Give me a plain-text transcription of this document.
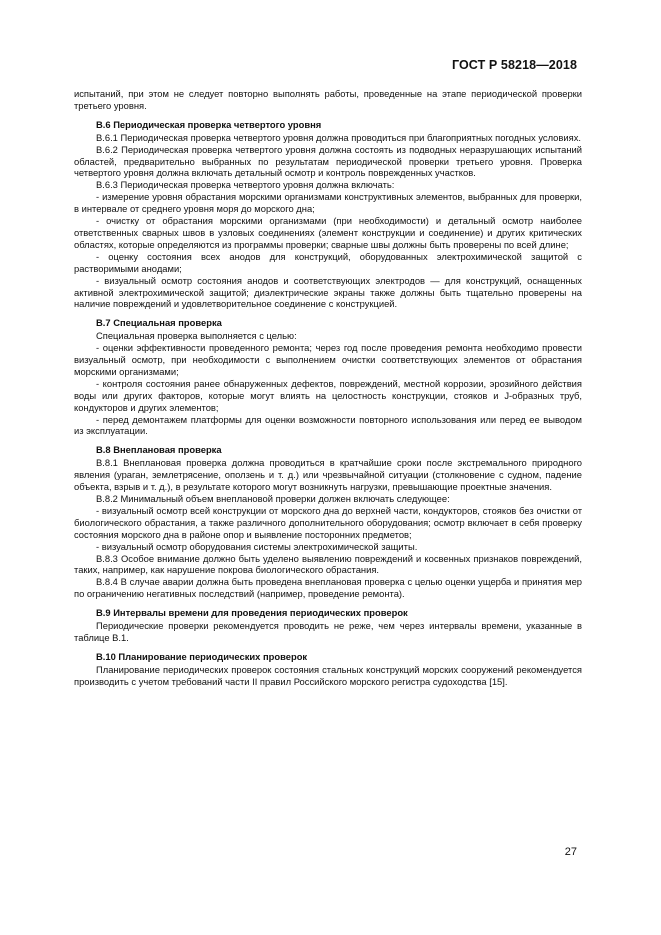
ГОСТ Р 58218—2018

испытаний, при этом не следует повторно выполнять работы, проведенные на этапе периодической проверки третьего уровня.

В.6 Периодическая проверка четвертого уровня

В.6.1 Периодическая проверка четвертого уровня должна проводиться при благоприятных погодных условиях.

В.6.2 Периодическая проверка четвертого уровня должна состоять из подводных неразрушающих испытаний областей, предварительно выбранных по результатам периодической проверки третьего уровня. Проверка четвертого уровня должна включать детальный осмотр и контроль поврежденных участков.

В.6.3 Периодическая проверка четвертого уровня должна включать:

- измерение уровня обрастания морскими организмами конструктивных элементов, выбранных для проверки, в интервале от среднего уровня моря до морского дна;

- очистку от обрастания морскими организмами (при необходимости) и детальный осмотр наиболее ответственных сварных швов в узловых соединениях (элемент конструкции и соединение) и других критических областях, которые определяются из программы проверки; сварные швы должны быть проверены по всей длине;

- оценку состояния всех анодов для конструкций, оборудованных электрохимической защитой с растворимыми анодами;

- визуальный осмотр состояния анодов и соответствующих электродов — для конструкций, оснащенных активной электрохимической защитой; диэлектрические экраны также должны быть тщательно проверены на наличие повреждений и удовлетворительное соединение с конструкцией.

В.7 Специальная проверка

Специальная проверка выполняется с целью:

- оценки эффективности проведенного ремонта; через год после проведения ремонта необходимо провести визуальный осмотр, при необходимости с выполнением очистки соответствующих элементов от обрастания морскими организмами;

- контроля состояния ранее обнаруженных дефектов, повреждений, местной коррозии, эрозийного действия воды или других факторов, которые могут влиять на целостность конструкции, стояков и J-образных труб, кондукторов и других элементов;

- перед демонтажем платформы для оценки возможности повторного использования или перед ее выводом из эксплуатации.

В.8 Внеплановая проверка

В.8.1 Внеплановая проверка должна проводиться в кратчайшие сроки после экстремального природного явления (ураган, землетрясение, оползень и т. д.) или чрезвычайной ситуации (столкновение с судном, падение объекта, взрыв и т. д.), в результате которого могут возникнуть нагрузки, превышающие проектные значения.

В.8.2 Минимальный объем внеплановой проверки должен включать следующее:

- визуальный осмотр всей конструкции от морского дна до верхней части, кондукторов, стояков без очистки от биологического обрастания, а также различного дополнительного оборудования; осмотр включает в себя проверку состояния морского дна в районе опор и выявление посторонних предметов;

- визуальный осмотр оборудования системы электрохимической защиты.

В.8.3 Особое внимание должно быть уделено выявлению повреждений и косвенных признаков повреждений, таких, например, как нарушение покрова биологического обрастания.

В.8.4 В случае аварии должна быть проведена внеплановая проверка с целью оценки ущерба и принятия мер по ограничению негативных последствий (например, проведение ремонта).

В.9 Интервалы времени для проведения периодических проверок

Периодические проверки рекомендуется проводить не реже, чем через интервалы времени, указанные в таблице В.1.

В.10 Планирование периодических проверок

Планирование периодических проверок состояния стальных конструкций морских сооружений рекомендуется производить с учетом требований части II правил Российского морского регистра судоходства [15].

27
